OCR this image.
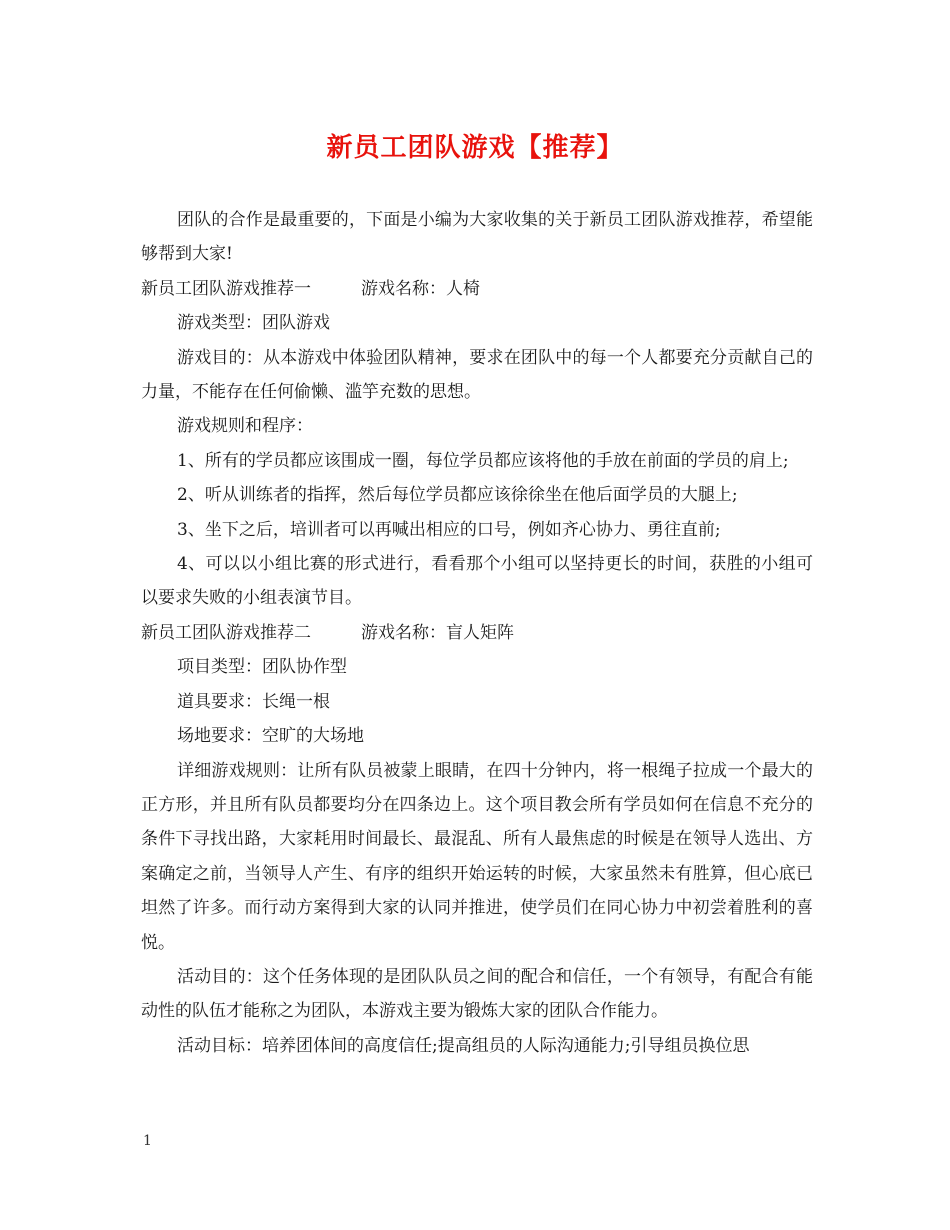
新员工团队游戏【推荐】

团队的合作是最重要的，下面是小编为大家收集的关于新员工团队游戏推荐，希望能够帮到大家!

新员工团队游戏推荐一	游戏名称：人椅

游戏类型：团队游戏

游戏目的：从本游戏中体验团队精神，要求在团队中的每一个人都要充分贡献自己的力量，不能存在任何偷懒、滥竽充数的思想。

游戏规则和程序：

1、所有的学员都应该围成一圈，每位学员都应该将他的手放在前面的学员的肩上;

2、听从训练者的指挥，然后每位学员都应该徐徐坐在他后面学员的大腿上;

3、坐下之后，培训者可以再喊出相应的口号，例如齐心协力、勇往直前;

4、可以以小组比赛的形式进行，看看那个小组可以坚持更长的时间，获胜的小组可以要求失败的小组表演节目。

新员工团队游戏推荐二	游戏名称：盲人矩阵

项目类型：团队协作型

道具要求：长绳一根

场地要求：空旷的大场地

详细游戏规则：让所有队员被蒙上眼睛，在四十分钟内，将一根绳子拉成一个最大的正方形，并且所有队员都要均分在四条边上。这个项目教会所有学员如何在信息不充分的条件下寻找出路，大家耗用时间最长、最混乱、所有人最焦虑的时候是在领导人选出、方案确定之前，当领导人产生、有序的组织开始运转的时候，大家虽然未有胜算，但心底已坦然了许多。而行动方案得到大家的认同并推进，使学员们在同心协力中初尝着胜利的喜悦。

活动目的：这个任务体现的是团队队员之间的配合和信任，一个有领导，有配合有能动性的队伍才能称之为团队，本游戏主要为锻炼大家的团队合作能力。

活动目标：培养团体间的高度信任;提高组员的人际沟通能力;引导组员换位思

1
